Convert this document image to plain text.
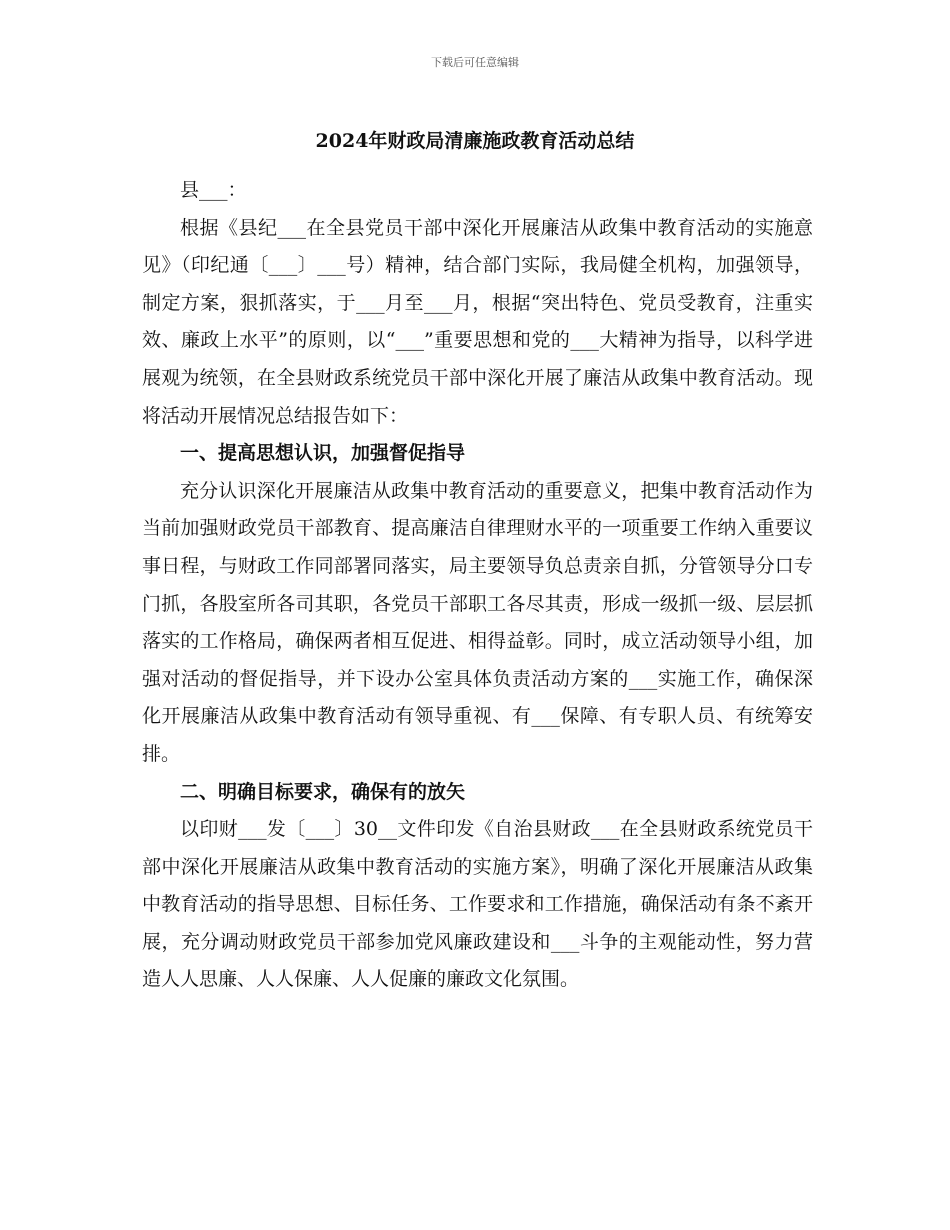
下载后可任意编辑
2024年财政局清廉施政教育活动总结

县___：

根据《县纪___在全县党员干部中深化开展廉洁从政集中教育活动的实施意见》（印纪通〔___〕___号）精神，结合部门实际，我局健全机构，加强领导，制定方案，狠抓落实，于___月至___月，根据“突出特色、党员受教育，注重实效、廉政上水平”的原则，以“___”重要思想和党的___大精神为指导，以科学进展观为统领，在全县财政系统党员干部中深化开展了廉洁从政集中教育活动。现将活动开展情况总结报告如下：

一、提高思想认识，加强督促指导

充分认识深化开展廉洁从政集中教育活动的重要意义，把集中教育活动作为当前加强财政党员干部教育、提高廉洁自律理财水平的一项重要工作纳入重要议事日程，与财政工作同部署同落实，局主要领导负总责亲自抓，分管领导分口专门抓，各股室所各司其职，各党员干部职工各尽其责，形成一级抓一级、层层抓落实的工作格局，确保两者相互促进、相得益彰。同时，成立活动领导小组，加强对活动的督促指导，并下设办公室具体负责活动方案的___实施工作，确保深化开展廉洁从政集中教育活动有领导重视、有___保障、有专职人员、有统筹安排。

二、明确目标要求，确保有的放矢

以印财___发〔___〕30__文件印发《自治县财政___在全县财政系统党员干部中深化开展廉洁从政集中教育活动的实施方案》，明确了深化开展廉洁从政集中教育活动的指导思想、目标任务、工作要求和工作措施，确保活动有条不紊开展，充分调动财政党员干部参加党风廉政建设和___斗争的主观能动性，努力营造人人思廉、人人保廉、人人促廉的廉政文化氛围。
